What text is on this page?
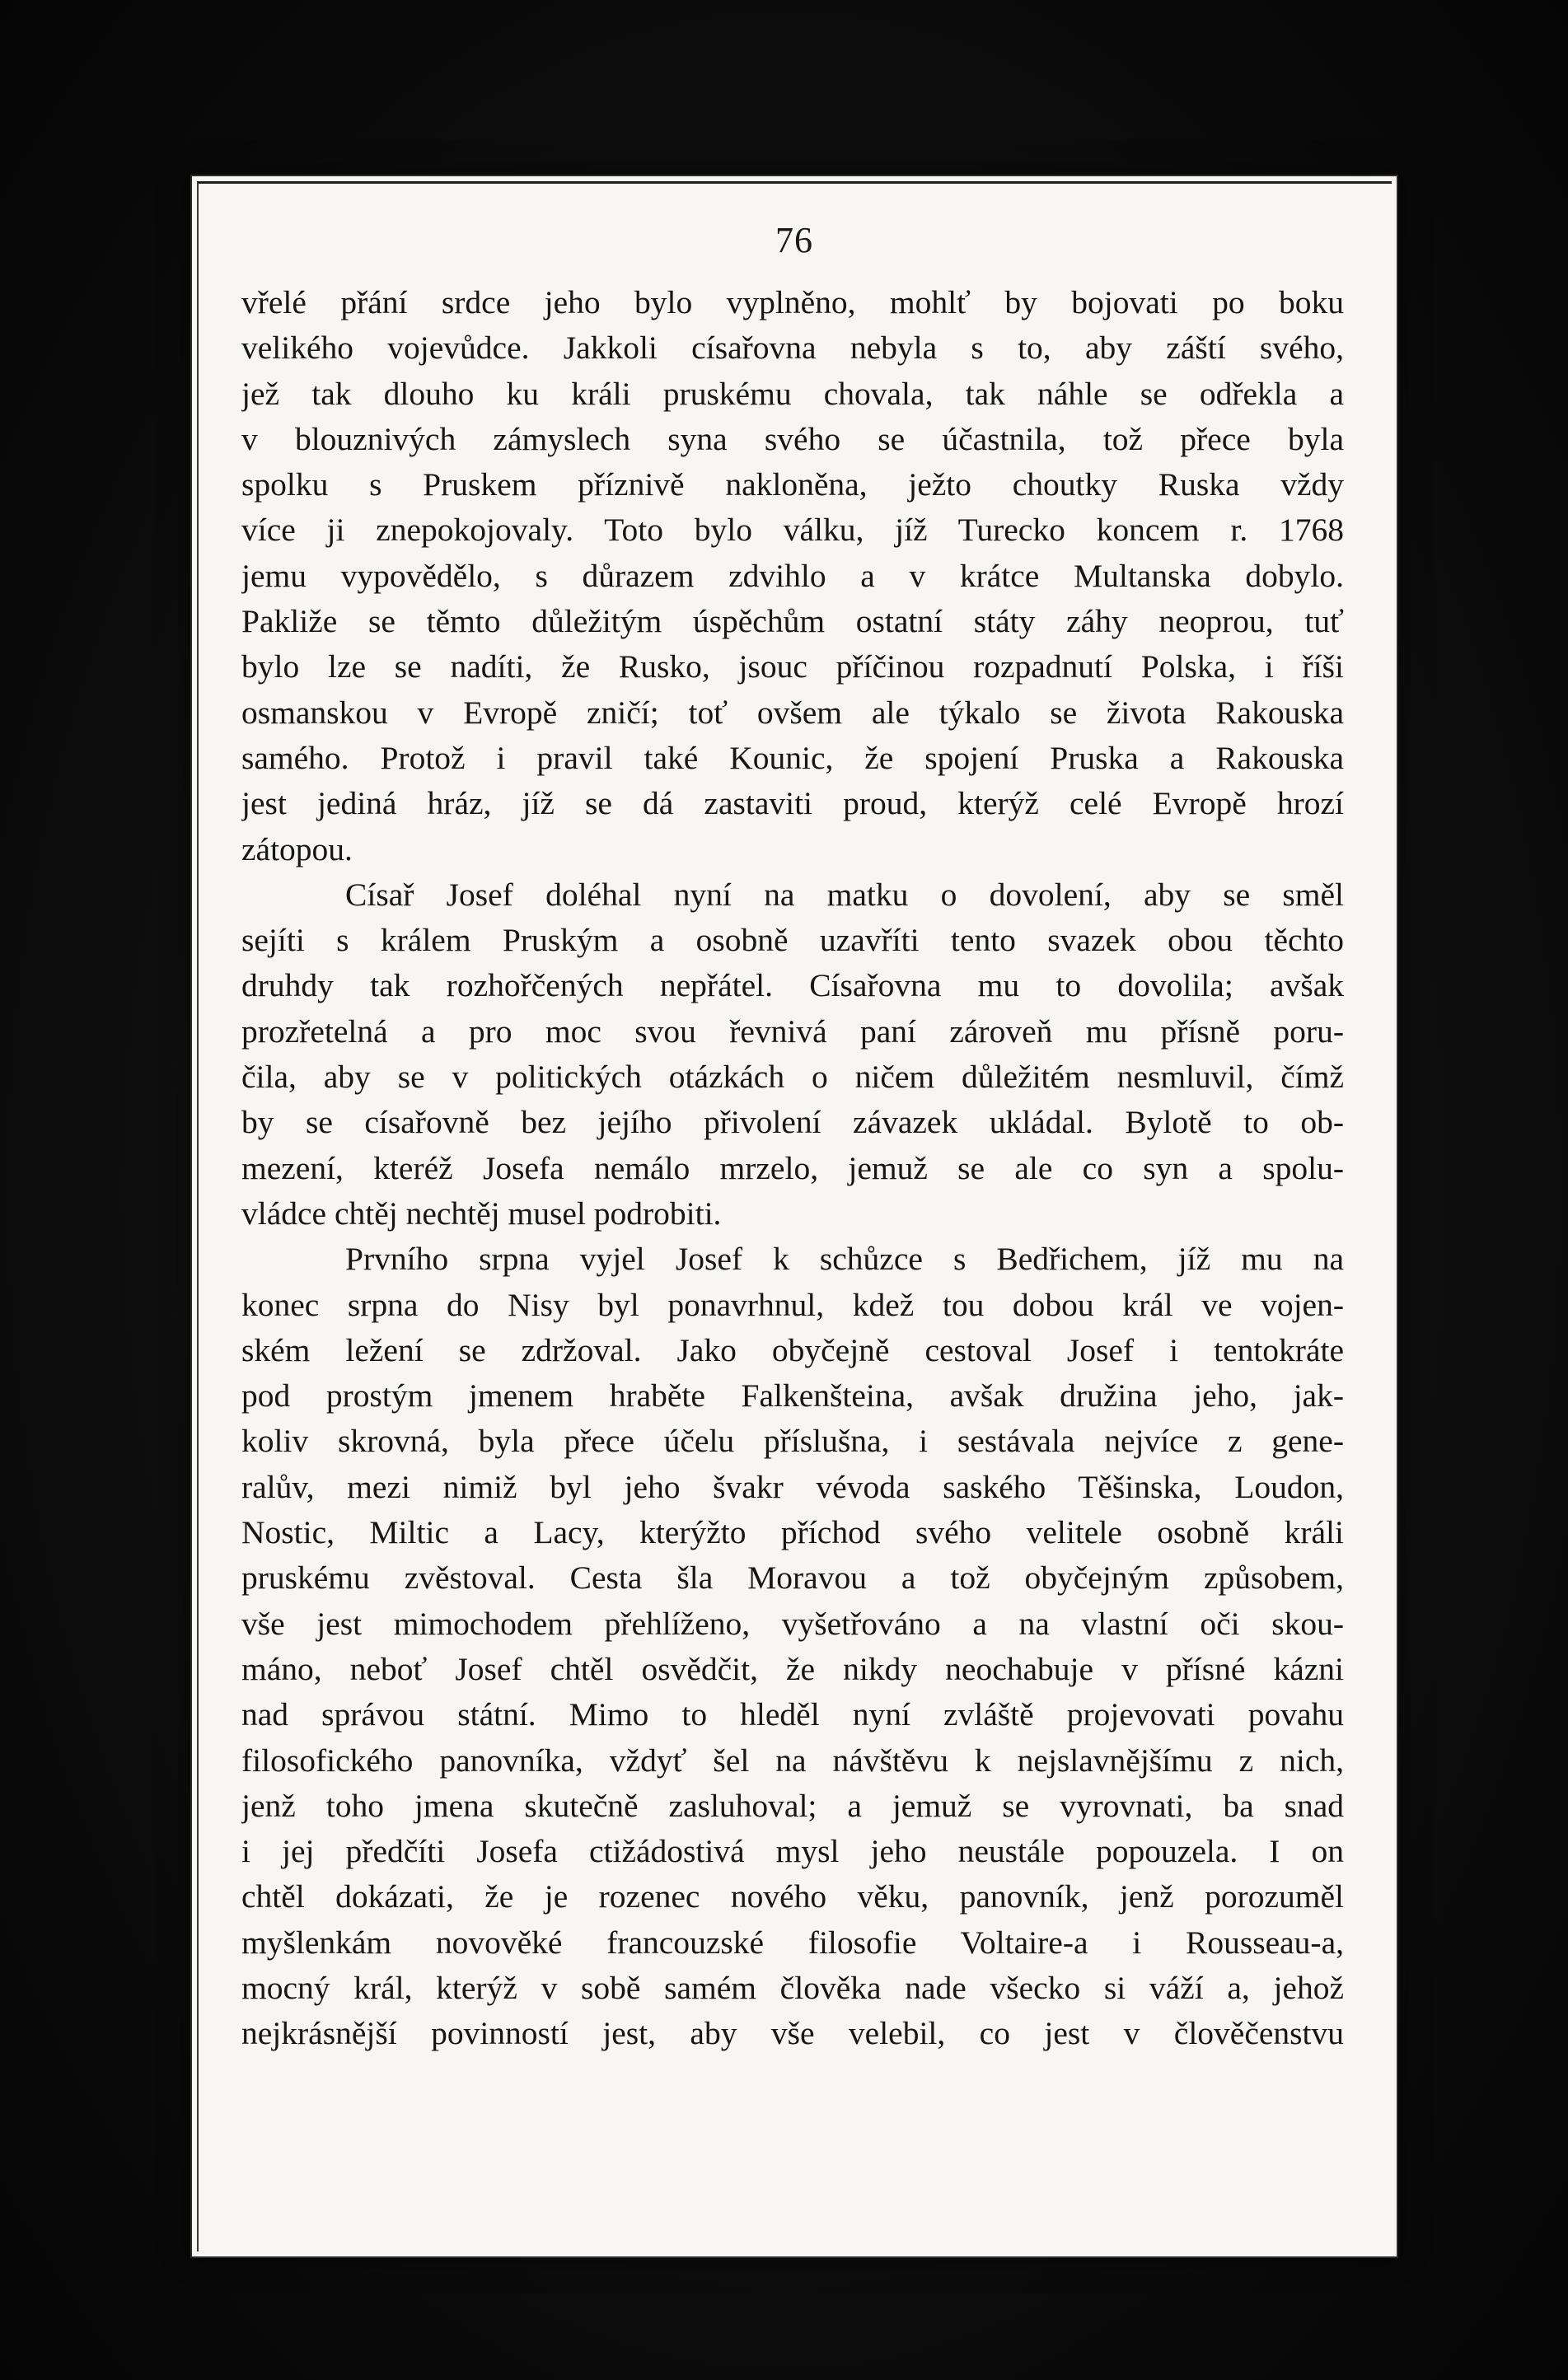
76
vřelé přání srdce jeho bylo vyplněno, mohlť by bojovati po boku
velikého vojevůdce. Jakkoli císařovna nebyla s to, aby záští svého,
jež tak dlouho ku králi pruskému chovala, tak náhle se odřekla a
v blouznivých zámyslech syna svého se účastnila, tož přece byla
spolku s Pruskem příznivě nakloněna, ježto choutky Ruska vždy
více ji znepokojovaly. Toto bylo válku, jíž Turecko koncem r. 1768
jemu vypovědělo, s důrazem zdvihlo a v krátce Multanska dobylo.
Pakliže se těmto důležitým úspěchům ostatní státy záhy neoprou, tuť
bylo lze se nadíti, že Rusko, jsouc příčinou rozpadnutí Polska, i říši
osmanskou v Evropě zničí; toť ovšem ale týkalo se života Rakouska
samého. Protož i pravil také Kounic, že spojení Pruska a Rakouska
jest jediná hráz, jíž se dá zastaviti proud, kterýž celé Evropě hrozí
zátopou.
Císař Josef doléhal nyní na matku o dovolení, aby se směl
sejíti s králem Pruským a osobně uzavříti tento svazek obou těchto
druhdy tak rozhořčených nepřátel. Císařovna mu to dovolila; avšak
prozřetelná a pro moc svou řevnivá paní zároveň mu přísně poru-
čila, aby se v politických otázkách o ničem důležitém nesmluvil, čímž
by se císařovně bez jejího přivolení závazek ukládal. Bylotě to ob-
mezení, kteréž Josefa nemálo mrzelo, jemuž se ale co syn a spolu-
vládce chtěj nechtěj musel podrobiti.
Prvního srpna vyjel Josef k schůzce s Bedřichem, jíž mu na
konec srpna do Nisy byl ponavrhnul, kdež tou dobou král ve vojen-
ském ležení se zdržoval. Jako obyčejně cestoval Josef i tentokráte
pod prostým jmenem hraběte Falkenšteina, avšak družina jeho, jak-
koliv skrovná, byla přece účelu příslušna, i sestávala nejvíce z gene-
ralův, mezi nimiž byl jeho švakr vévoda saského Těšinska, Loudon,
Nostic, Miltic a Lacy, kterýžto příchod svého velitele osobně králi
pruskému zvěstoval. Cesta šla Moravou a tož obyčejným způsobem,
vše jest mimochodem přehlíženo, vyšetřováno a na vlastní oči skou-
máno, neboť Josef chtěl osvědčit, že nikdy neochabuje v přísné kázni
nad správou státní. Mimo to hleděl nyní zvláště projevovati povahu
filosofického panovníka, vždyť šel na návštěvu k nejslavnějšímu z nich,
jenž toho jmena skutečně zasluhoval; a jemuž se vyrovnati, ba snad
i jej předčíti Josefa ctižádostivá mysl jeho neustále popouzela. I on
chtěl dokázati, že je rozenec nového věku, panovník, jenž porozuměl
myšlenkám novověké francouzské filosofie Voltaire-a i Rousseau-a,
mocný král, kterýž v sobě samém člověka nade všecko si váží a, jehož
nejkrásnější povinností jest, aby vše velebil, co jest v člověčenstvu
